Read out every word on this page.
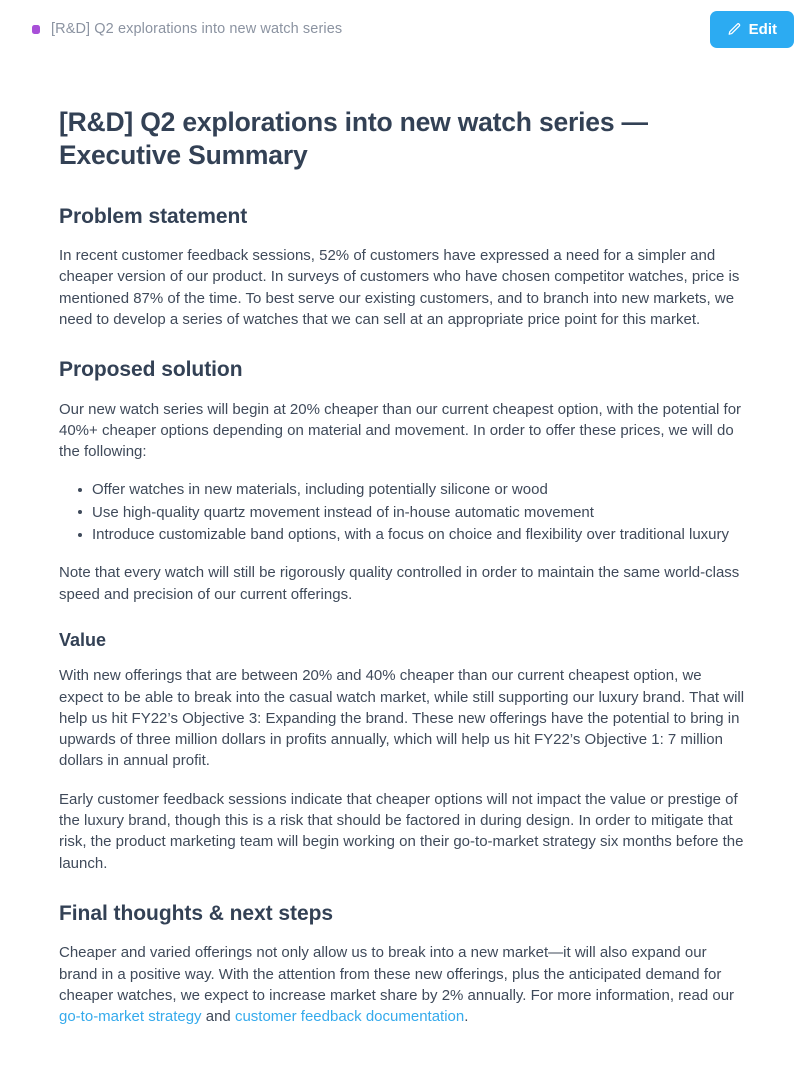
[R&D] Q2 explorations into new watch series	Edit
[R&D] Q2 explorations into new watch series — Executive Summary
Problem statement

In recent customer feedback sessions, 52% of customers have expressed a need for a simpler and cheaper version of our product. In surveys of customers who have chosen competitor watches, price is mentioned 87% of the time. To best serve our existing customers, and to branch into new markets, we need to develop a series of watches that we can sell at an appropriate price point for this market.

Proposed solution

Our new watch series will begin at 20% cheaper than our current cheapest option, with the potential for 40%+ cheaper options depending on material and movement. In order to offer these prices, we will do the following:

Offer watches in new materials, including potentially silicone or wood
Use high-quality quartz movement instead of in-house automatic movement
Introduce customizable band options, with a focus on choice and flexibility over traditional luxury

Note that every watch will still be rigorously quality controlled in order to maintain the same world-class speed and precision of our current offerings.

Value

With new offerings that are between 20% and 40% cheaper than our current cheapest option, we expect to be able to break into the casual watch market, while still supporting our luxury brand. That will help us hit FY22’s Objective 3: Expanding the brand. These new offerings have the potential to bring in upwards of three million dollars in profits annually, which will help us hit FY22’s Objective 1: 7 million dollars in annual profit.

Early customer feedback sessions indicate that cheaper options will not impact the value or prestige of the luxury brand, though this is a risk that should be factored in during design. In order to mitigate that risk, the product marketing team will begin working on their go-to-market strategy six months before the launch.

Final thoughts & next steps

Cheaper and varied offerings not only allow us to break into a new market—it will also expand our brand in a positive way. With the attention from these new offerings, plus the anticipated demand for cheaper watches, we expect to increase market share by 2% annually. For more information, read our go-to-market strategy and customer feedback documentation.
